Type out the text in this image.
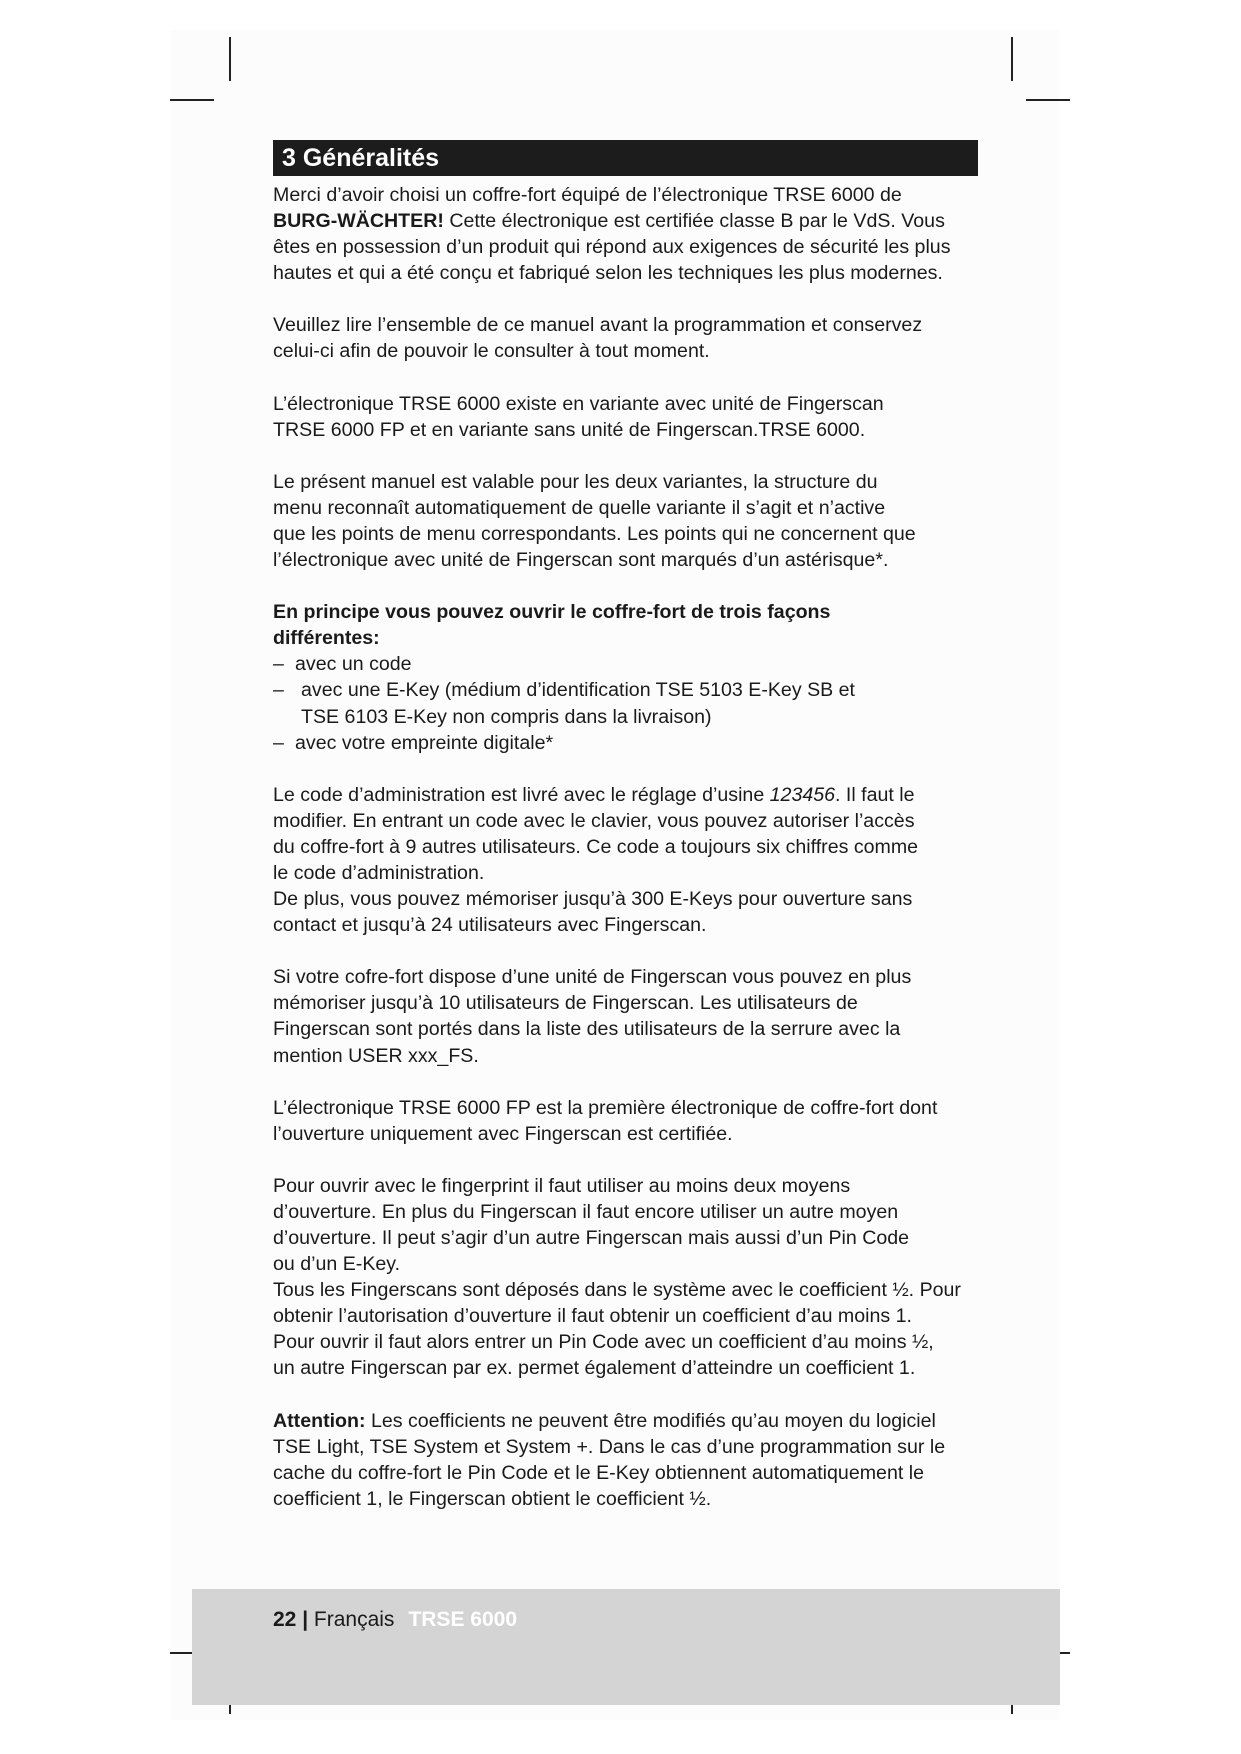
3 Généralités
Merci d’avoir choisi un coffre-fort équipé de l’électronique TRSE 6000 de
BURG-WÄCHTER! Cette électronique est certifiée classe B par le VdS. Vous
êtes en possession d’un produit qui répond aux exigences de sécurité les plus
hautes et qui a été conçu et fabriqué selon les techniques les plus modernes.
Veuillez lire l’ensemble de ce manuel avant la programmation et conservez
celui-ci afin de pouvoir le consulter à tout moment.
L’électronique TRSE 6000 existe en variante avec unité de Fingerscan
TRSE 6000 FP et en variante sans unité de Fingerscan.TRSE 6000.
Le présent manuel est valable pour les deux variantes, la structure du
menu reconnaît automatiquement de quelle variante il s’agit et n’active
que les points de menu correspondants. Les points qui ne concernent que
l’électronique avec unité de Fingerscan sont marqués d’un astérisque*.
En principe vous pouvez ouvrir le coffre-fort de trois façons
différentes:
– avec un code
– avec une E-Key (médium d’identification TSE 5103 E-Key SB et
TSE 6103 E-Key non compris dans la livraison)
– avec votre empreinte digitale*
Le code d’administration est livré avec le réglage d’usine 123456. Il faut le
modifier. En entrant un code avec le clavier, vous pouvez autoriser l’accès
du coffre-fort à 9 autres utilisateurs. Ce code a toujours six chiffres comme
le code d’administration.
De plus, vous pouvez mémoriser jusqu’à 300 E-Keys pour ouverture sans
contact et jusqu’à 24 utilisateurs avec Fingerscan.
Si votre cofre-fort dispose d’une unité de Fingerscan vous pouvez en plus
mémoriser jusqu’à 10 utilisateurs de Fingerscan. Les utilisateurs de
Fingerscan sont portés dans la liste des utilisateurs de la serrure avec la
mention USER xxx_FS.
L’électronique TRSE 6000 FP est la première électronique de coffre-fort dont
l’ouverture uniquement avec Fingerscan est certifiée.
Pour ouvrir avec le fingerprint il faut utiliser au moins deux moyens
d’ouverture. En plus du Fingerscan il faut encore utiliser un autre moyen
d’ouverture. Il peut s’agir d’un autre Fingerscan mais aussi d’un Pin Code
ou d’un E-Key.
Tous les Fingerscans sont déposés dans le système avec le coefficient ½. Pour
obtenir l’autorisation d’ouverture il faut obtenir un coefficient d’au moins 1.
Pour ouvrir il faut alors entrer un Pin Code avec un coefficient d’au moins ½,
un autre Fingerscan par ex. permet également d’atteindre un coefficient 1.
Attention: Les coefficients ne peuvent être modifiés qu’au moyen du logiciel
TSE Light, TSE System et System +. Dans le cas d’une programmation sur le
cache du coffre-fort le Pin Code et le E-Key obtiennent automatiquement le
coefficient 1, le Fingerscan obtient le coefficient ½.
22 | Français TRSE 6000
